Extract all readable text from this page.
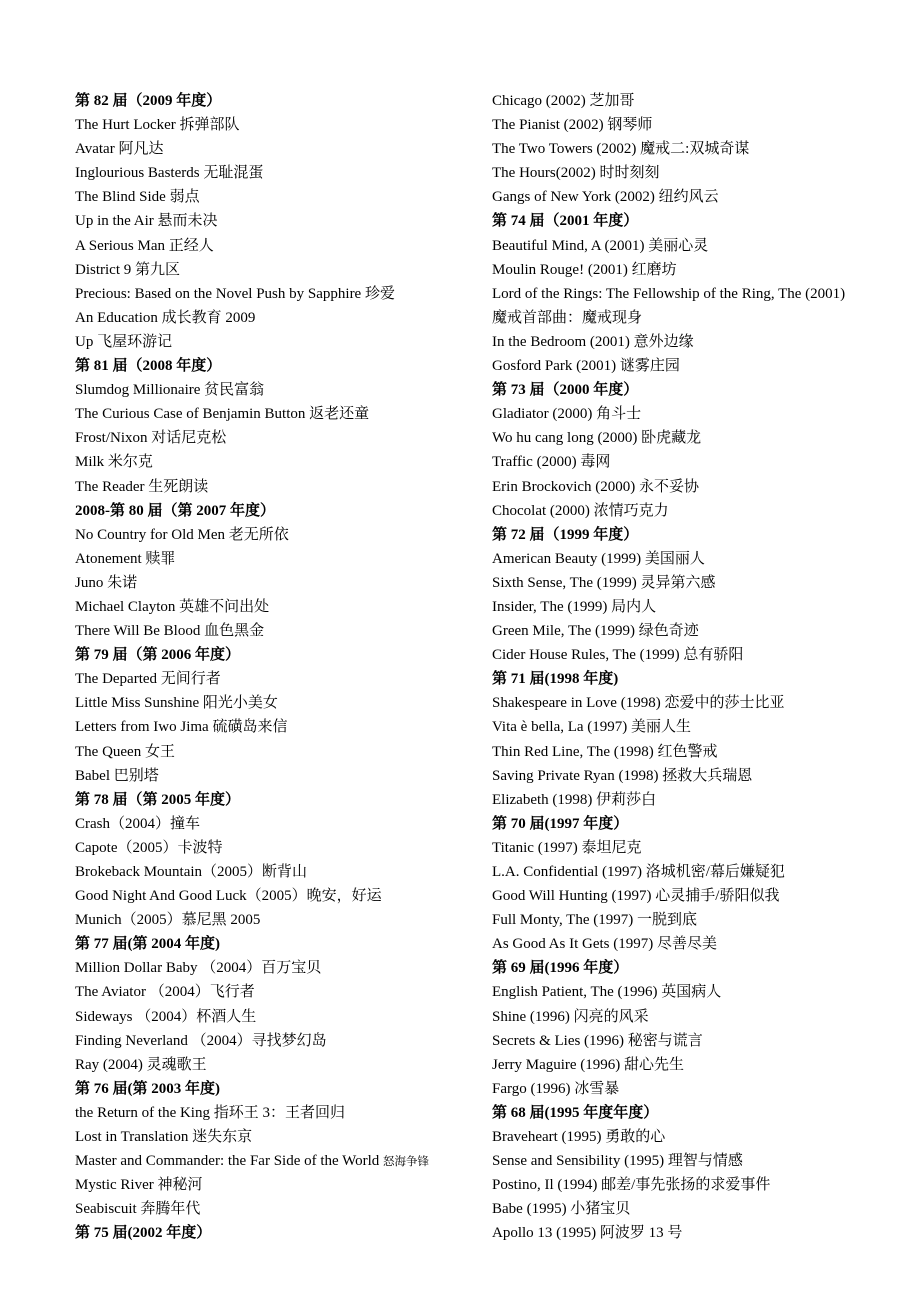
第 82 届（2009 年度）
The Hurt Locker 拆弹部队
Avatar 阿凡达
Inglourious Basterds 无耻混蛋
The Blind Side 弱点
Up in the Air 悬而未决
A Serious Man 正经人
District 9 第九区
Precious: Based on the Novel Push by Sapphire 珍爱
An Education 成长教育 2009
Up 飞屋环游记
第 81 届（2008 年度）
Slumdog Millionaire 贫民富翁
The Curious Case of Benjamin Button 返老还童
Frost/Nixon 对话尼克松
Milk 米尔克
The Reader 生死朗读
2008-第 80 届（第 2007 年度）
No Country for Old Men 老无所依
Atonement 赎罪
Juno 朱诺
Michael Clayton 英雄不问出处
There Will Be Blood 血色黑金
第 79 届（第 2006 年度）
The Departed 无间行者
Little Miss Sunshine 阳光小美女
Letters from Iwo Jima 硫磺岛来信
The Queen 女王
Babel 巴别塔
第 78 届（第 2005 年度）
Crash（2004）撞车
Capote（2005）卡波特
Brokeback Mountain（2005）断背山
Good Night And Good Luck（2005）晚安，好运
Munich（2005）慕尼黑 2005
第 77 届(第 2004 年度)
Million Dollar Baby （2004）百万宝贝
The Aviator （2004）飞行者
Sideways （2004）杯酒人生
Finding Neverland （2004）寻找梦幻岛
Ray (2004) 灵魂歌王
第 76 届(第 2003 年度)
the Return of the King 指环王 3：王者回归
Lost in Translation 迷失东京
Master and Commander: the Far Side of the World 怒海争锋
Mystic River 神秘河
Seabiscuit 奔腾年代
第 75 届(2002 年度）
Chicago (2002) 芝加哥
The Pianist (2002) 钢琴师
The Two Towers (2002) 魔戒二:双城奇谋
The Hours(2002) 时时刻刻
Gangs of New York (2002) 纽约风云
第 74 届（2001 年度）
Beautiful Mind, A (2001) 美丽心灵
Moulin Rouge! (2001) 红磨坊
Lord of the Rings: The Fellowship of the Ring, The (2001)
魔戒首部曲：魔戒现身
In the Bedroom (2001) 意外边缘
Gosford Park (2001) 谜雾庄园
第 73 届（2000 年度）
Gladiator (2000) 角斗士
Wo hu cang long (2000) 卧虎藏龙
Traffic (2000) 毒网
Erin Brockovich (2000) 永不妥协
Chocolat (2000) 浓情巧克力
第 72 届（1999 年度）
American Beauty (1999) 美国丽人
Sixth Sense, The (1999) 灵异第六感
Insider, The (1999) 局内人
Green Mile, The (1999) 绿色奇迹
Cider House Rules, The (1999) 总有骄阳
第 71 届(1998 年度)
Shakespeare in Love (1998) 恋爱中的莎士比亚
Vita è bella, La (1997) 美丽人生
Thin Red Line, The (1998) 红色警戒
Saving Private Ryan (1998) 拯救大兵瑞恩
Elizabeth (1998) 伊莉莎白
第 70 届(1997 年度）
Titanic (1997) 泰坦尼克
L.A. Confidential (1997) 洛城机密/幕后嫌疑犯
Good Will Hunting (1997) 心灵捕手/骄阳似我
Full Monty, The (1997) 一脱到底
As Good As It Gets (1997) 尽善尽美
第 69 届(1996 年度）
English Patient, The (1996) 英国病人
Shine (1996) 闪亮的风采
Secrets & Lies (1996) 秘密与谎言
Jerry Maguire (1996) 甜心先生
Fargo (1996) 冰雪暴
第 68 届(1995 年度年度）
Braveheart (1995) 勇敢的心
Sense and Sensibility (1995) 理智与情感
Postino, Il (1994) 邮差/事先张扬的求爱事件
Babe (1995) 小猪宝贝
Apollo 13 (1995) 阿波罗 13 号
